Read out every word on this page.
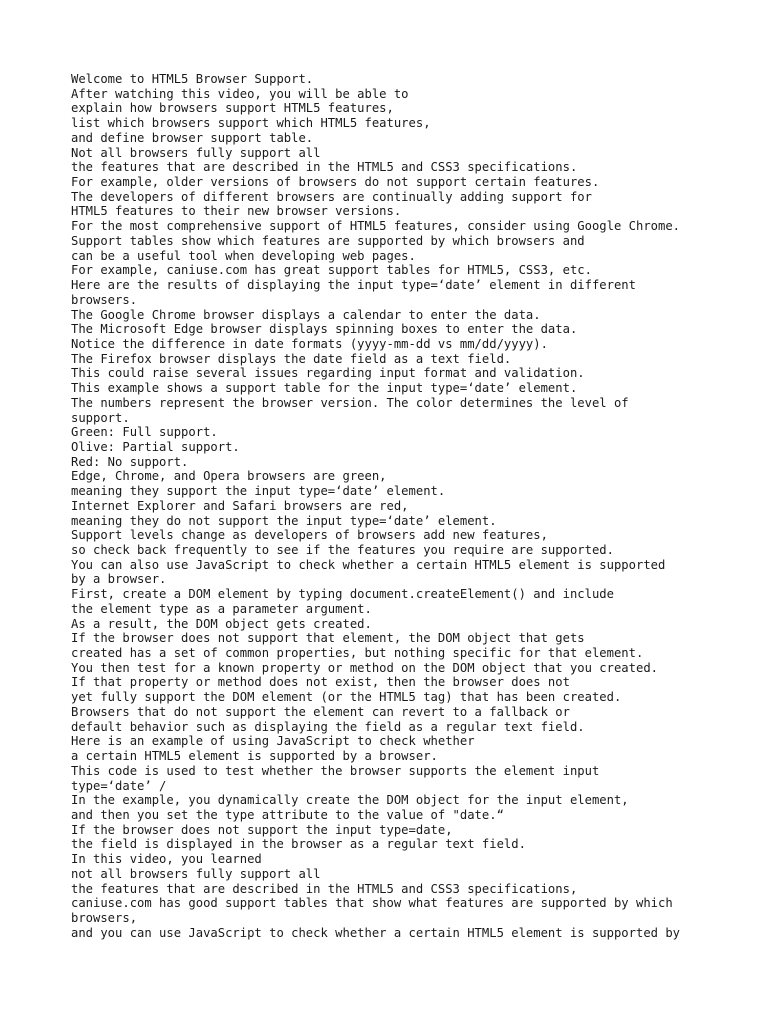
Welcome to HTML5 Browser Support.
After watching this video, you will be able to
explain how browsers support HTML5 features,
list which browsers support which HTML5 features,
and define browser support table.
Not all browsers fully support all
the features that are described in the HTML5 and CSS3 specifications.
For example, older versions of browsers do not support certain features.
The developers of different browsers are continually adding support for
HTML5 features to their new browser versions.
For the most comprehensive support of HTML5 features, consider using Google Chrome.
Support tables show which features are supported by which browsers and
can be a useful tool when developing web pages.
For example, caniuse.com has great support tables for HTML5, CSS3, etc.
Here are the results of displaying the input type=‘date’ element in different
browsers.
The Google Chrome browser displays a calendar to enter the data.
The Microsoft Edge browser displays spinning boxes to enter the data.
Notice the difference in date formats (yyyy-mm-dd vs mm/dd/yyyy).
The Firefox browser displays the date field as a text field.
This could raise several issues regarding input format and validation.
This example shows a support table for the input type=‘date’ element.
The numbers represent the browser version. The color determines the level of
support.
Green: Full support.
Olive: Partial support.
Red: No support.
Edge, Chrome, and Opera browsers are green,
meaning they support the input type=‘date’ element.
Internet Explorer and Safari browsers are red,
meaning they do not support the input type=‘date’ element.
Support levels change as developers of browsers add new features,
so check back frequently to see if the features you require are supported.
You can also use JavaScript to check whether a certain HTML5 element is supported
by a browser.
First, create a DOM element by typing document.createElement() and include
the element type as a parameter argument.
As a result, the DOM object gets created.
If the browser does not support that element, the DOM object that gets
created has a set of common properties, but nothing specific for that element.
You then test for a known property or method on the DOM object that you created.
If that property or method does not exist, then the browser does not
yet fully support the DOM element (or the HTML5 tag) that has been created.
Browsers that do not support the element can revert to a fallback or
default behavior such as displaying the field as a regular text field.
Here is an example of using JavaScript to check whether
a certain HTML5 element is supported by a browser.
This code is used to test whether the browser supports the element input
type=‘date’ /
In the example, you dynamically create the DOM object for the input element,
and then you set the type attribute to the value of "date.“
If the browser does not support the input type=date,
the field is displayed in the browser as a regular text field.
In this video, you learned
not all browsers fully support all
the features that are described in the HTML5 and CSS3 specifications,
caniuse.com has good support tables that show what features are supported by which
browsers,
and you can use JavaScript to check whether a certain HTML5 element is supported by
